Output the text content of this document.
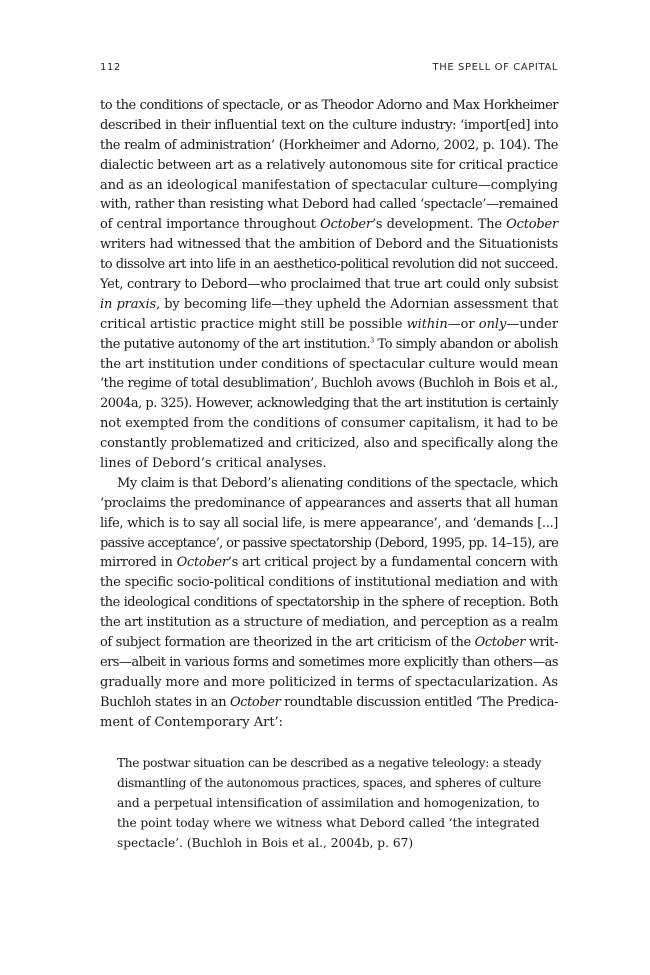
112	THE SPELL OF CAPITAL
to the conditions of spectacle, or as Theodor Adorno and Max Horkheimer
described in their influential text on the culture industry: ‘import[ed] into
the realm of administration’ (Horkheimer and Adorno, 2002, p. 104). The
dialectic between art as a relatively autonomous site for critical practice
and as an ideological manifestation of spectacular culture—complying
with, rather than resisting what Debord had called ‘spectacle’—remained
of central importance throughout October’s development. The October
writers had witnessed that the ambition of Debord and the Situationists
to dissolve art into life in an aesthetico-political revolution did not succeed.
Yet, contrary to Debord—who proclaimed that true art could only subsist
in praxis, by becoming life—they upheld the Adornian assessment that
critical artistic practice might still be possible within—or only—under
the putative autonomy of the art institution.$^3$ To simply abandon or abolish
the art institution under conditions of spectacular culture would mean
‘the regime of total desublimation’, Buchloh avows (Buchloh in Bois et al.,
2004a, p. 325). However, acknowledging that the art institution is certainly
not exempted from the conditions of consumer capitalism, it had to be
constantly problematized and criticized, also and specifically along the
lines of Debord’s critical analyses.
My claim is that Debord’s alienating conditions of the spectacle, which
‘proclaims the predominance of appearances and asserts that all human
life, which is to say all social life, is mere appearance’, and ‘demands [...]
passive acceptance’, or passive spectatorship (Debord, 1995, pp. 14–15), are
mirrored in October’s art critical project by a fundamental concern with
the specific socio-political conditions of institutional mediation and with
the ideological conditions of spectatorship in the sphere of reception. Both
the art institution as a structure of mediation, and perception as a realm
of subject formation are theorized in the art criticism of the October writ-
ers—albeit in various forms and sometimes more explicitly than others—as
gradually more and more politicized in terms of spectacularization. As
Buchloh states in an October roundtable discussion entitled ‘The Predica-
ment of Contemporary Art’:
The postwar situation can be described as a negative teleology: a steady
dismantling of the autonomous practices, spaces, and spheres of culture
and a perpetual intensification of assimilation and homogenization, to
the point today where we witness what Debord called ‘the integrated
spectacle’. (Buchloh in Bois et al., 2004b, p. 67)
